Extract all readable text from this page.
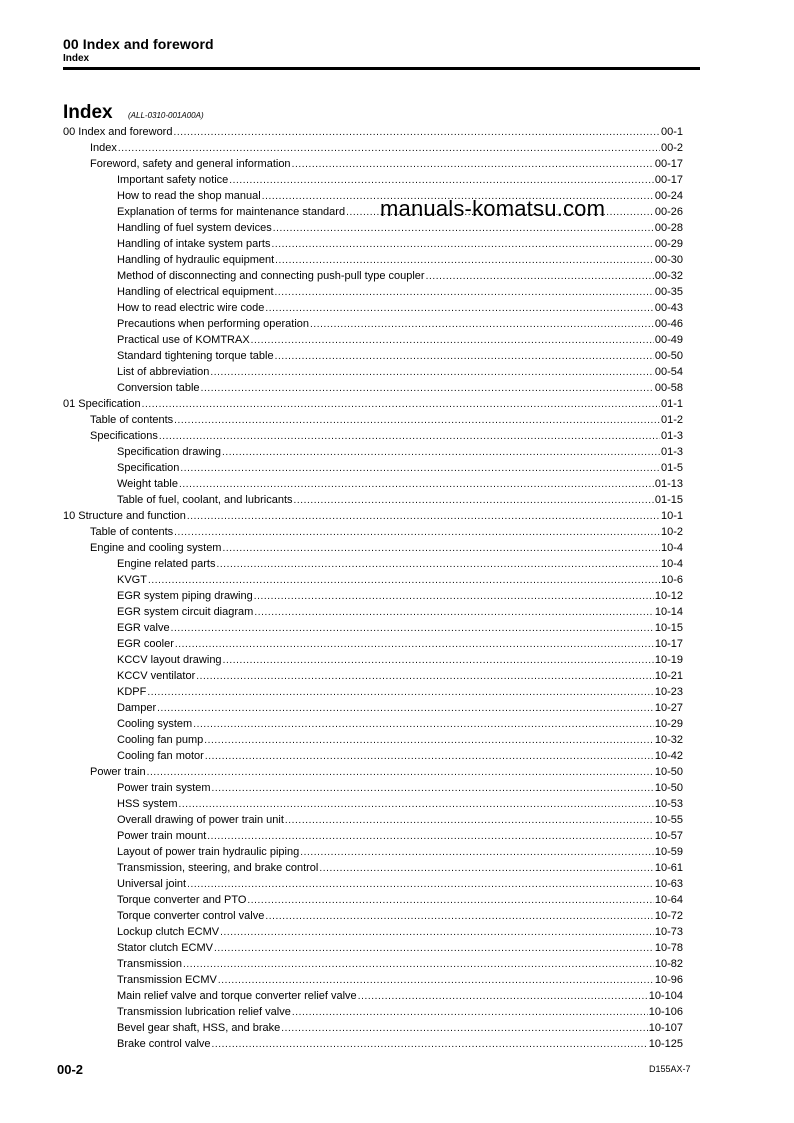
00 Index and foreword
Index
Index (ALL-0310-001A00A)
00 Index and foreword .....	00-1
Index .....	00-2
Foreword, safety and general information .....	00-17
Important safety notice .....	00-17
How to read the shop manual .....	00-24
Explanation of terms for maintenance standard .....	00-26
Handling of fuel system devices .....	00-28
Handling of intake system parts .....	00-29
Handling of hydraulic equipment .....	00-30
Method of disconnecting and connecting push-pull type coupler .....	00-32
Handling of electrical equipment .....	00-35
How to read electric wire code .....	00-43
Precautions when performing operation .....	00-46
Practical use of KOMTRAX .....	00-49
Standard tightening torque table .....	00-50
List of abbreviation .....	00-54
Conversion table .....	00-58
01 Specification .....	01-1
Table of contents .....	01-2
Specifications .....	01-3
Specification drawing .....	01-3
Specification .....	01-5
Weight table .....	01-13
Table of fuel, coolant, and lubricants .....	01-15
10 Structure and function .....	10-1
Table of contents .....	10-2
Engine and cooling system .....	10-4
Engine related parts .....	10-4
KVGT .....	10-6
EGR system piping drawing .....	10-12
EGR system circuit diagram .....	10-14
EGR valve .....	10-15
EGR cooler .....	10-17
KCCV layout drawing .....	10-19
KCCV ventilator .....	10-21
KDPF .....	10-23
Damper .....	10-27
Cooling system .....	10-29
Cooling fan pump .....	10-32
Cooling fan motor .....	10-42
Power train .....	10-50
Power train system .....	10-50
HSS system .....	10-53
Overall drawing of power train unit .....	10-55
Power train mount .....	10-57
Layout of power train hydraulic piping .....	10-59
Transmission, steering, and brake control .....	10-61
Universal joint .....	10-63
Torque converter and PTO .....	10-64
Torque converter control valve .....	10-72
Lockup clutch ECMV .....	10-73
Stator clutch ECMV .....	10-78
Transmission .....	10-82
Transmission ECMV .....	10-96
Main relief valve and torque converter relief valve .....	10-104
Transmission lubrication relief valve .....	10-106
Bevel gear shaft, HSS, and brake .....	10-107
Brake control valve .....	10-125
manuals-komatsu.com
00-2	D155AX-7
